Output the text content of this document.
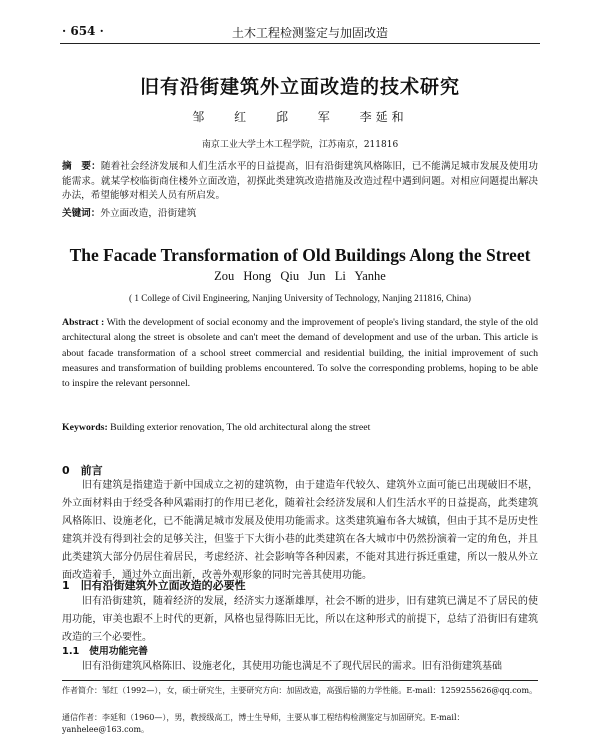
· 654 ·	土木工程检测鉴定与加固改造
旧有沿街建筑外立面改造的技术研究
邹 红 邱 军 李延和
南京工业大学土木工程学院，江苏南京，211816
摘　要：随着社会经济发展和人们生活水平的日益提高，旧有沿街建筑风格陈旧，已不能满足城市发展及使用功能需求。就某学校临街商住楼外立面改造，初探此类建筑改造措施及改造过程中遇到问题。对相应问题提出解决办法，希望能够对相关人员有所启发。
关键词：外立面改造，沿街建筑
The Facade Transformation of Old Buildings Along the Street
Zou Hong Qiu Jun Li Yanhe
( 1 College of Civil Engineering, Nanjing University of Technology, Nanjing 211816, China)
Abstract : With the development of social economy and the improvement of people's living standard, the style of the old architectural along the street is obsolete and can't meet the demand of development and use of the urban. This article is about facade transformation of a school street commercial and residential building, the initial improvement of such measures and transformation of building problems encountered. To solve the corresponding problems, hoping to be able to inspire the relevant personnel.
Keywords: Building exterior renovation, The old architectural along the street
0　前言
旧有建筑是指建造于新中国成立之初的建筑物，由于建造年代较久、建筑外立面可能已出现破旧不堪，外立面材料由于经受各种风霜雨打的作用已老化，随着社会经济发展和人们生活水平的日益提高，此类建筑风格陈旧、设施老化，已不能满足城市发展及使用功能需求。这类建筑遍布各大城镇，但由于其不是历史性建筑并没有得到社会的足够关注，但鉴于下大街小巷的此类建筑在各大城市中仍然扮演着一定的角色，并且此类建筑大部分仍居住着居民，考虑经济、社会影响等各种因素，不能对其进行拆迁重建，所以一般从外立面改造着手，通过外立面出新，改善外观形象的同时完善其使用功能。
1　旧有沿街建筑外立面改造的必要性
旧有沿街建筑，随着经济的发展，经济实力逐渐雄厚，社会不断的进步，旧有建筑已满足不了居民的使用功能，审美也跟不上时代的更新，风格也显得陈旧无比，所以在这种形式的前提下，总结了沿街旧有建筑改造的三个必要性。
1.1　使用功能完善
旧有沿街建筑风格陈旧、设施老化，其使用功能也满足不了现代居民的需求。旧有沿街建筑基础
作者简介：邹红（1992—），女，硕士研究生，主要研究方向：加固改造，高强后锚的力学性能。E-mail：1259255626@qq.com。
通信作者：李延和（1960—），男，教授级高工，博士生导师，主要从事工程结构检测鉴定与加固研究。E-mail：yanhelee@163.com。
